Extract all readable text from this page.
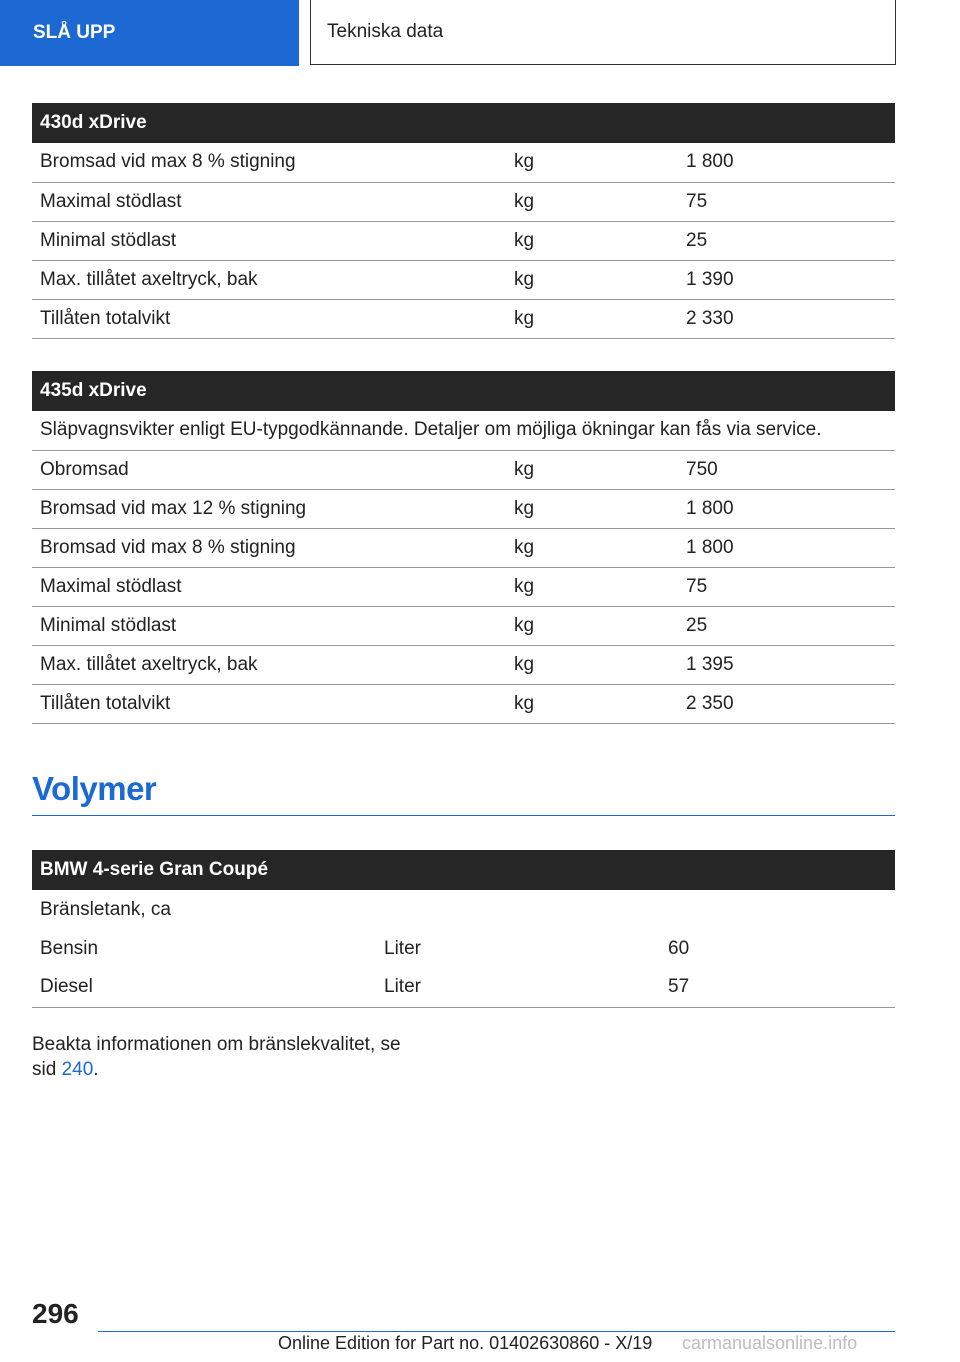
SLÅ UPP	Tekniska data
430d xDrive		
Bromsad vid max 8 % stigning	kg	1 800
Maximal stödlast	kg	75
Minimal stödlast	kg	25
Max. tillåtet axeltryck, bak	kg	1 390
Tillåten totalvikt	kg	2 330
435d xDrive		
Släpvagnsvikter enligt EU-typgodkännande. Detaljer om möjliga ökningar kan fås via service.		
Obromsad	kg	750
Bromsad vid max 12 % stigning	kg	1 800
Bromsad vid max 8 % stigning	kg	1 800
Maximal stödlast	kg	75
Minimal stödlast	kg	25
Max. tillåtet axeltryck, bak	kg	1 395
Tillåten totalvikt	kg	2 350
Volymer
BMW 4-serie Gran Coupé		
Bränsletank, ca		
Bensin	Liter	60
Diesel	Liter	57
Beakta informationen om bränslekvalitet, se
sid 240.
296
Online Edition for Part no. 01402630860 - X/19 carmanualsonline.info
